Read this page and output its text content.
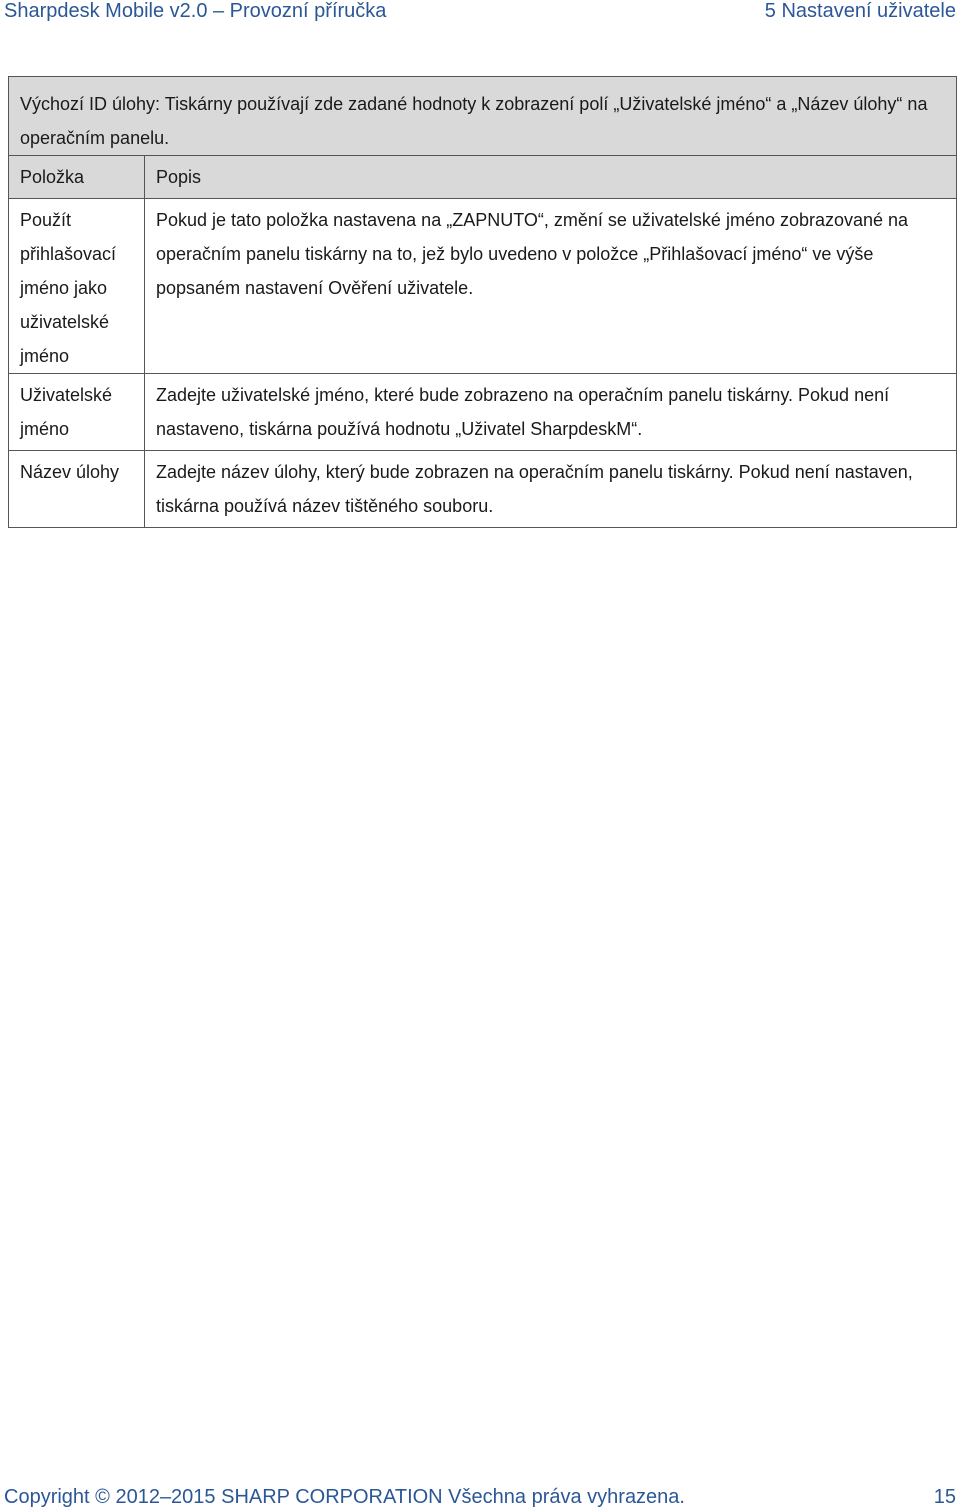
Sharpdesk Mobile v2.0 – Provozní příručka	5 Nastavení uživatele
Výchozí ID úlohy: Tiskárny používají zde zadané hodnoty k zobrazení polí „Uživatelské jméno“ a „Název úlohy“ na operačním panelu.	
Položka	Popis
Použít přihlašovací jméno jako uživatelské jméno	Pokud je tato položka nastavena na „ZAPNUTO“, změní se uživatelské jméno zobrazované na operačním panelu tiskárny na to, jež bylo uvedeno v položce „Přihlašovací jméno“ ve výše popsaném nastavení Ověření uživatele.
Uživatelské jméno	Zadejte uživatelské jméno, které bude zobrazeno na operačním panelu tiskárny. Pokud není nastaveno, tiskárna používá hodnotu „Uživatel SharpdeskM“.
Název úlohy	Zadejte název úlohy, který bude zobrazen na operačním panelu tiskárny. Pokud není nastaven, tiskárna používá název tištěného souboru.
Copyright © 2012–2015 SHARP CORPORATION Všechna práva vyhrazena.	15
